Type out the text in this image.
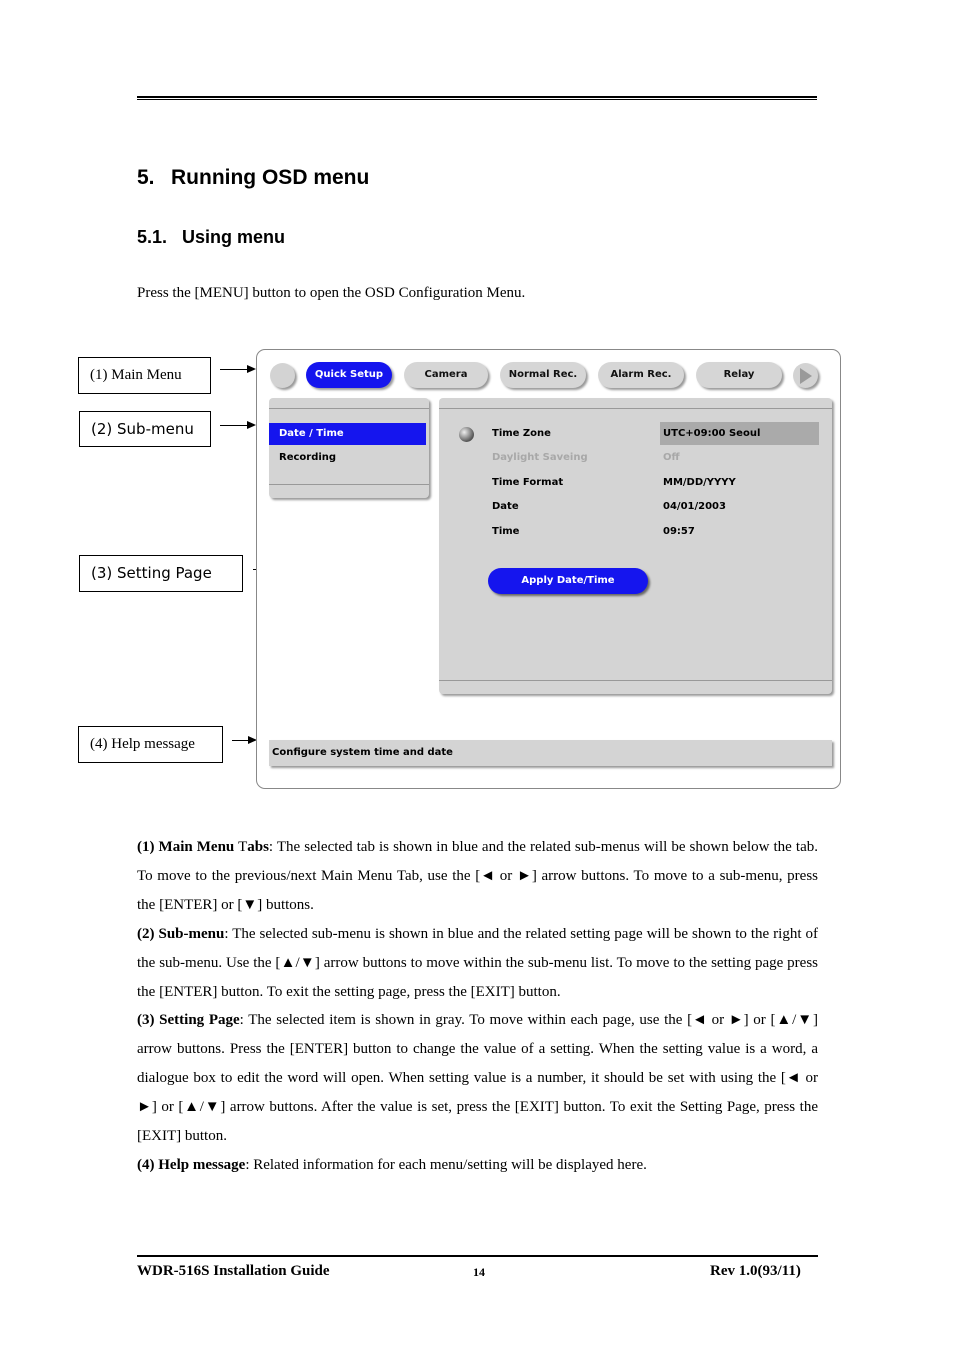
5. Running OSD menu
5.1. Using menu
Press the [MENU] button to open the OSD Configuration Menu.
(1) Main Menu
(2) Sub-menu
(3) Setting Page
(4) Help message
Quick Setup	Camera	Normal Rec.	Alarm Rec.	Relay
Date / Time
Recording
Time Zone	UTC+09:00 Seoul
Daylight Saveing	Off
Time Format	MM/DD/YYYY
Date	04/01/2003
Time	09:57
Apply Date/Time
Configure system time and date
(1) Main Menu Tabs: The selected tab is shown in blue and the related sub-menus will be shown below the tab. To move to the previous/next Main Menu Tab, use the [◄ or ►] arrow buttons. To move to a sub-menu, press the [ENTER] or [▼] buttons.
(2) Sub-menu: The selected sub-menu is shown in blue and the related setting page will be shown to the right of the sub-menu. Use the [▲/▼] arrow buttons to move within the sub-menu list. To move to the setting page press the [ENTER] button. To exit the setting page, press the [EXIT] button.
(3) Setting Page: The selected item is shown in gray. To move within each page, use the [◄ or ►] or [▲/▼] arrow buttons. Press the [ENTER] button to change the value of a setting. When the setting value is a word, a dialogue box to edit the word will open. When setting value is a number, it should be set with using the [◄ or ►] or [▲/▼] arrow buttons. After the value is set, press the [EXIT] button. To exit the Setting Page, press the [EXIT] button.
(4) Help message: Related information for each menu/setting will be displayed here.
WDR-516S Installation Guide	14	Rev 1.0(93/11)
